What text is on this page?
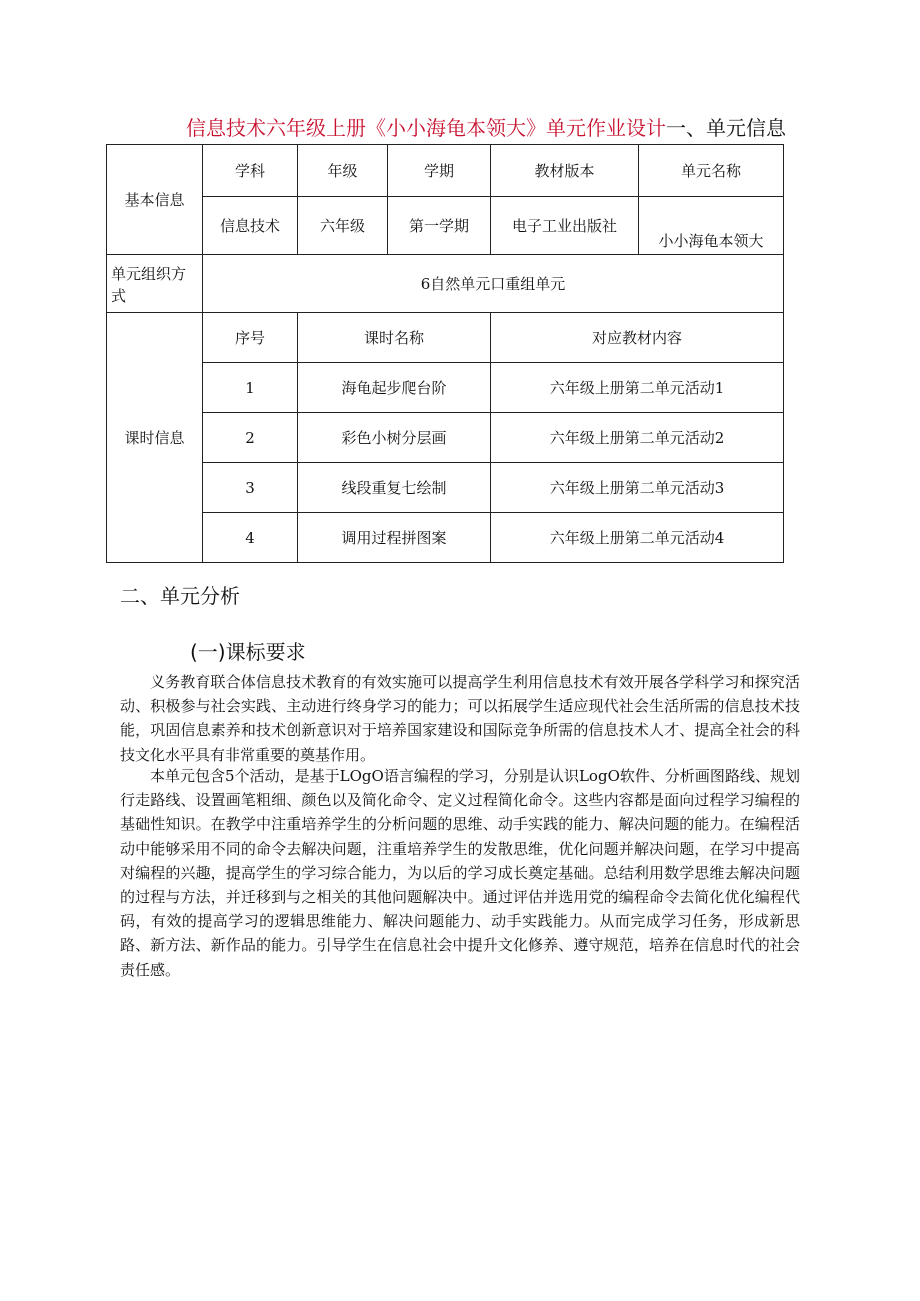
信息技术六年级上册《小小海龟本领大》单元作业设计一、单元信息
基本信息	学科	年级	学期	教材版本	单元名称
	信息技术	六年级	第一学期	电子工业出版社	小小海龟本领大
单元组织方式	6自然单元口重组单元				
课时信息	序号	课时名称		对应教材内容	
	1	海龟起步爬台阶		六年级上册第二单元活动1	
	2	彩色小树分层画		六年级上册第二单元活动2	
	3	线段重复七绘制		六年级上册第二单元活动3	
	4	调用过程拼图案		六年级上册第二单元活动4	
二、单元分析
(一)课标要求

义务教育联合体信息技术教育的有效实施可以提高学生利用信息技术有效开展各学科学习和探究活动、积极参与社会实践、主动进行终身学习的能力；可以拓展学生适应现代社会生活所需的信息技术技能，巩固信息素养和技术创新意识对于培养国家建设和国际竞争所需的信息技术人才、提高全社会的科技文化水平具有非常重要的奠基作用。

本单元包含5个活动，是基于LOgO语言编程的学习，分别是认识LogO软件、分析画图路线、规划行走路线、设置画笔粗细、颜色以及简化命令、定义过程简化命令。这些内容都是面向过程学习编程的基础性知识。在教学中注重培养学生的分析问题的思维、动手实践的能力、解决问题的能力。在编程活动中能够采用不同的命令去解决问题，注重培养学生的发散思维，优化问题并解决问题，在学习中提高对编程的兴趣，提高学生的学习综合能力，为以后的学习成长奠定基础。总结利用数学思维去解决问题的过程与方法，并迁移到与之相关的其他问题解决中。通过评估并选用党的编程命令去简化优化编程代码，有效的提高学习的逻辑思维能力、解决问题能力、动手实践能力。从而完成学习任务，形成新思路、新方法、新作品的能力。引导学生在信息社会中提升文化修养、遵守规范，培养在信息时代的社会责任感。
